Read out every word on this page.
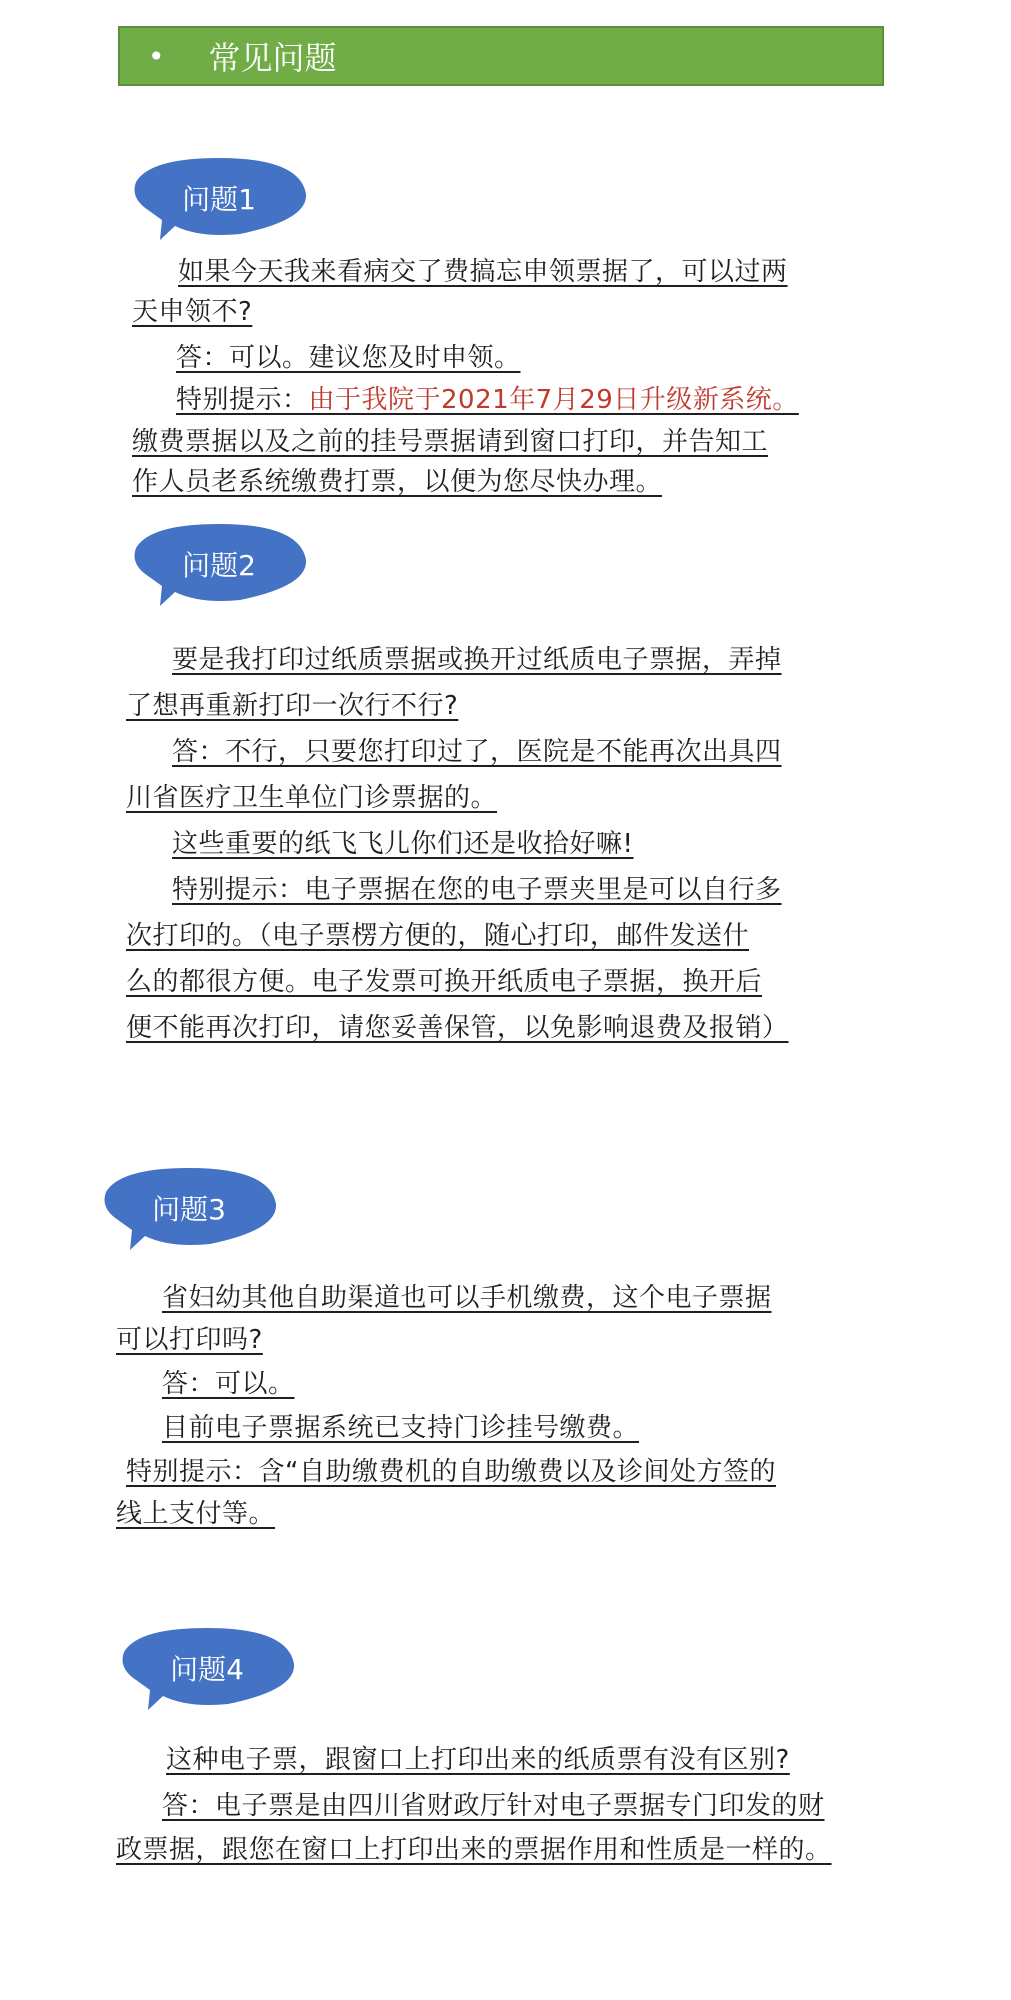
• 常见问题
问题1
如果今天我来看病交了费搞忘申领票据了，可以过两
天申领不?
答：可以。建议您及时申领。
特别提示：由于我院于2021年7月29日升级新系统。
缴费票据以及之前的挂号票据请到窗口打印，并告知工
作人员老系统缴费打票，以便为您尽快办理。
问题2
要是我打印过纸质票据或换开过纸质电子票据，弄掉
了想再重新打印一次行不行?
答：不行，只要您打印过了，医院是不能再次出具四
川省医疗卫生单位门诊票据的。
这些重要的纸飞飞儿你们还是收拾好嘛!
特别提示：电子票据在您的电子票夹里是可以自行多
次打印的。（电子票楞方便的，随心打印，邮件发送什
么的都很方便。电子发票可换开纸质电子票据，换开后
便不能再次打印，请您妥善保管，以免影响退费及报销）
问题3
省妇幼其他自助渠道也可以手机缴费，这个电子票据
可以打印吗?
答：可以。
目前电子票据系统已支持门诊挂号缴费。
特别提示：含“自助缴费机的自助缴费以及诊间处方签的
线上支付等。
问题4
这种电子票，跟窗口上打印出来的纸质票有没有区别?
答：电子票是由四川省财政厅针对电子票据专门印发的财
政票据，跟您在窗口上打印出来的票据作用和性质是一样的。
